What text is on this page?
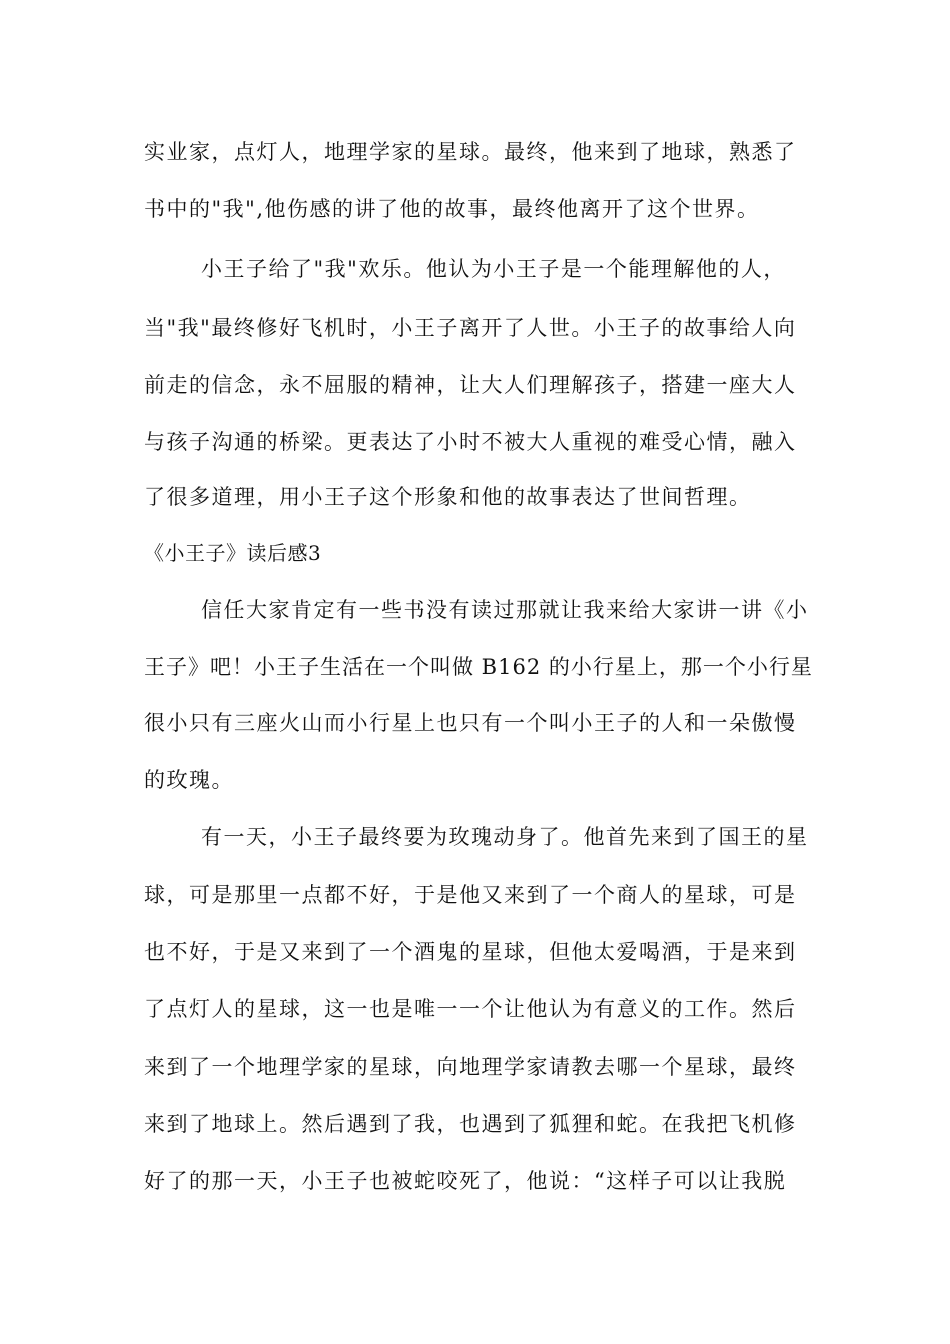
实业家，点灯人，地理学家的星球。最终，他来到了地球，熟悉了
书中的"我",他伤感的讲了他的故事，最终他离开了这个世界。
小王子给了"我"欢乐。他认为小王子是一个能理解他的人，
当"我"最终修好飞机时，小王子离开了人世。小王子的故事给人向
前走的信念，永不屈服的精神，让大人们理解孩子，搭建一座大人
与孩子沟通的桥梁。更表达了小时不被大人重视的难受心情，融入
了很多道理，用小王子这个形象和他的故事表达了世间哲理。
《小王子》读后感3
信任大家肯定有一些书没有读过那就让我来给大家讲一讲《小
王子》吧！小王子生活在一个叫做 B162 的小行星上，那一个小行星
很小只有三座火山而小行星上也只有一个叫小王子的人和一朵傲慢
的玫瑰。
有一天，小王子最终要为玫瑰动身了。他首先来到了国王的星
球，可是那里一点都不好，于是他又来到了一个商人的星球，可是
也不好，于是又来到了一个酒鬼的星球，但他太爱喝酒，于是来到
了点灯人的星球，这一也是唯一一个让他认为有意义的工作。然后
来到了一个地理学家的星球，向地理学家请教去哪一个星球，最终
来到了地球上。然后遇到了我，也遇到了狐狸和蛇。在我把飞机修
好了的那一天，小王子也被蛇咬死了，他说：“这样子可以让我脱
